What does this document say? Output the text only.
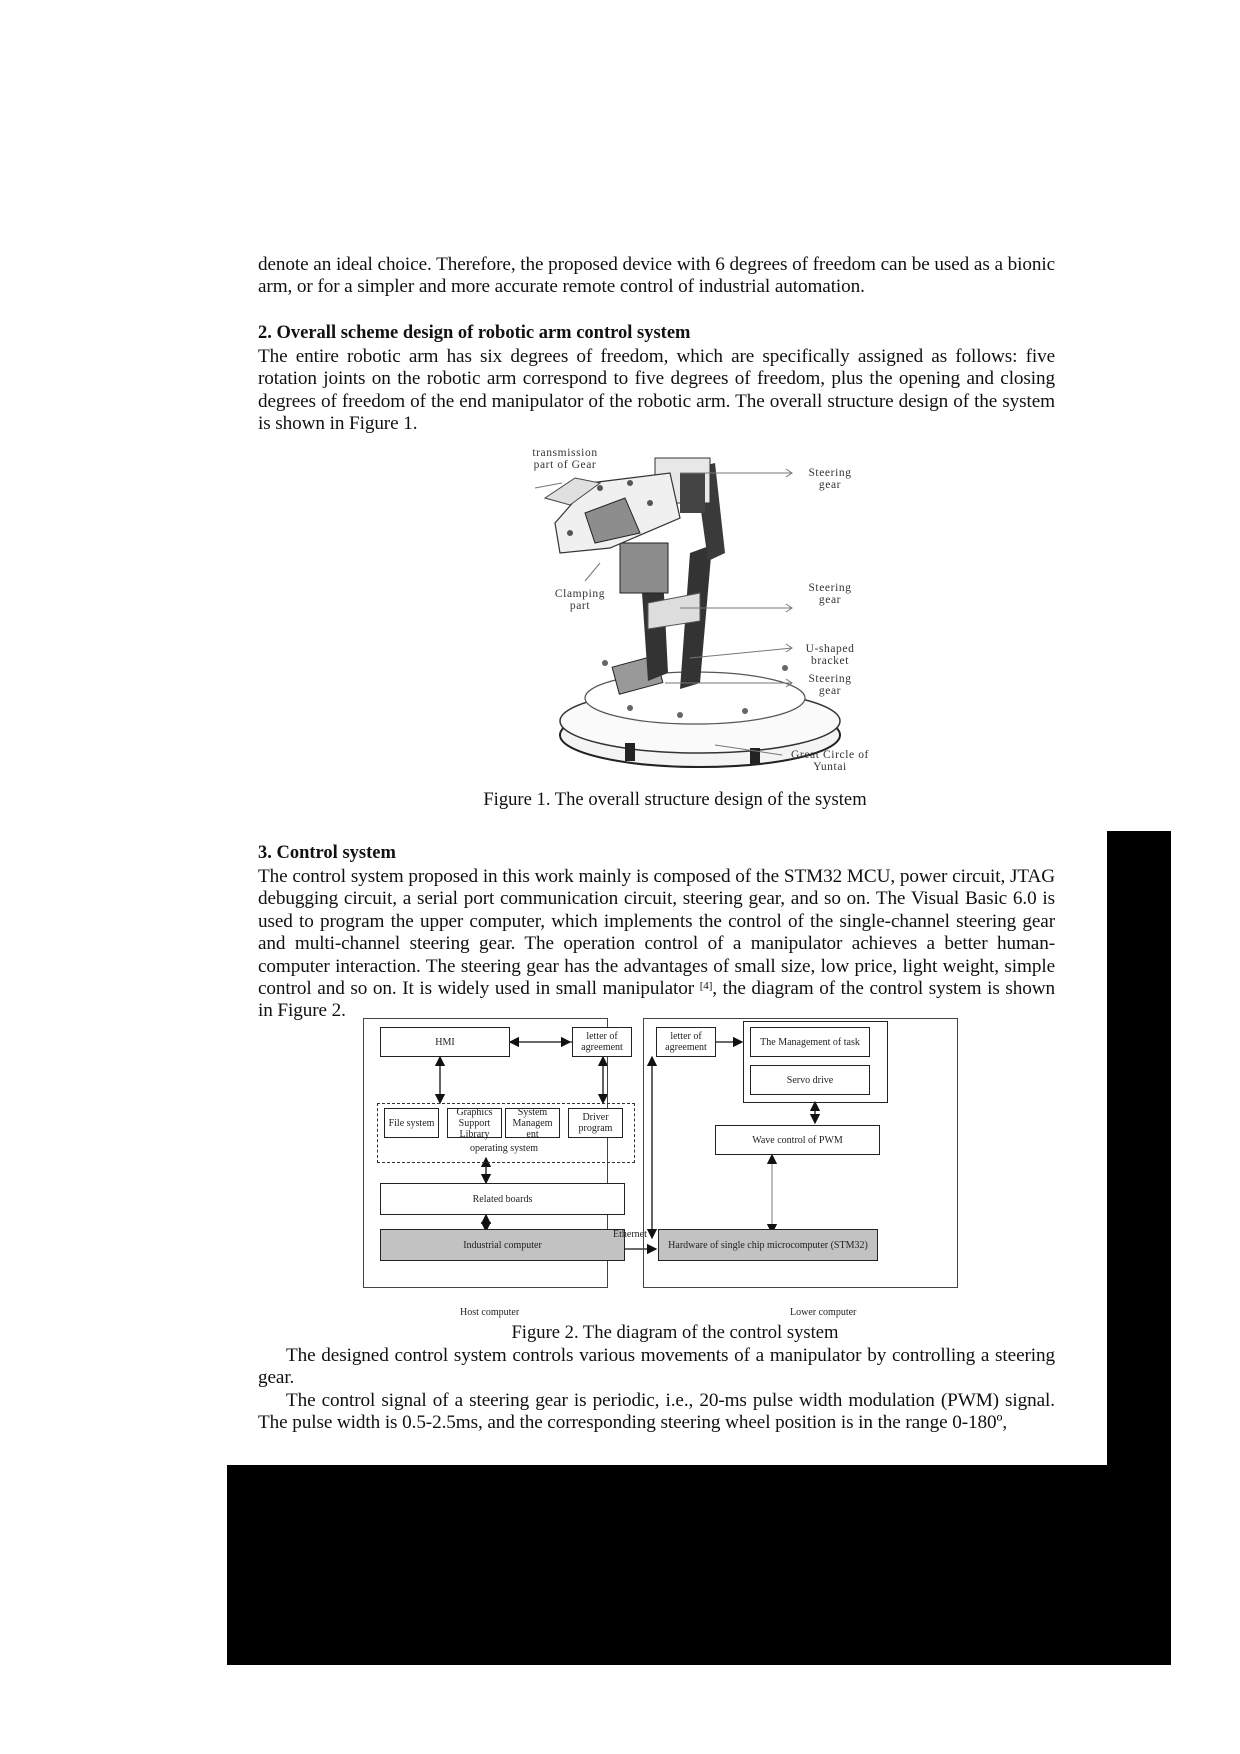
denote an ideal choice. Therefore, the proposed device with 6 degrees of freedom can be used as a bionic arm, or for a simpler and more accurate remote control of industrial automation.
2. Overall scheme design of robotic arm control system
The entire robotic arm has six degrees of freedom, which are specifically assigned as follows: five rotation joints on the robotic arm correspond to five degrees of freedom, plus the opening and closing degrees of freedom of the end manipulator of the robotic arm. The overall structure design of the system is shown in Figure 1.
transmission part of Gear
Steering gear
Clamping part
Steering gear
U-shaped bracket
Steering gear
Great Circle of Yuntai
Figure 1. The overall structure design of the system
3. Control system
The control system proposed in this work mainly is composed of the STM32 MCU, power circuit, JTAG debugging circuit, a serial port communication circuit, steering gear, and so on. The Visual Basic 6.0 is used to program the upper computer, which implements the control of the single-channel steering gear and multi-channel steering gear. The operation control of a manipulator achieves a better human-computer interaction. The steering gear has the advantages of small size, low price, light weight, simple control and so on. It is widely used in small manipulator [4], the diagram of the control system is shown in Figure 2.
HMI	letter of agreement
File system
Graphics Support Library
System Managem ent
Driver program
operating system
Related boards
Industrial computer
Ethernet
letter of agreement	The Management of task
Servo drive
Wave control of PWM
Hardware of single chip microcomputer (STM32)
Host computer	Lower computer
Figure 2. The diagram of the control system
The designed control system controls various movements of a manipulator by controlling a steering gear.
The control signal of a steering gear is periodic, i.e., 20-ms pulse width modulation (PWM) signal. The pulse width is 0.5-2.5ms, and the corresponding steering wheel position is in the range 0-180º,
